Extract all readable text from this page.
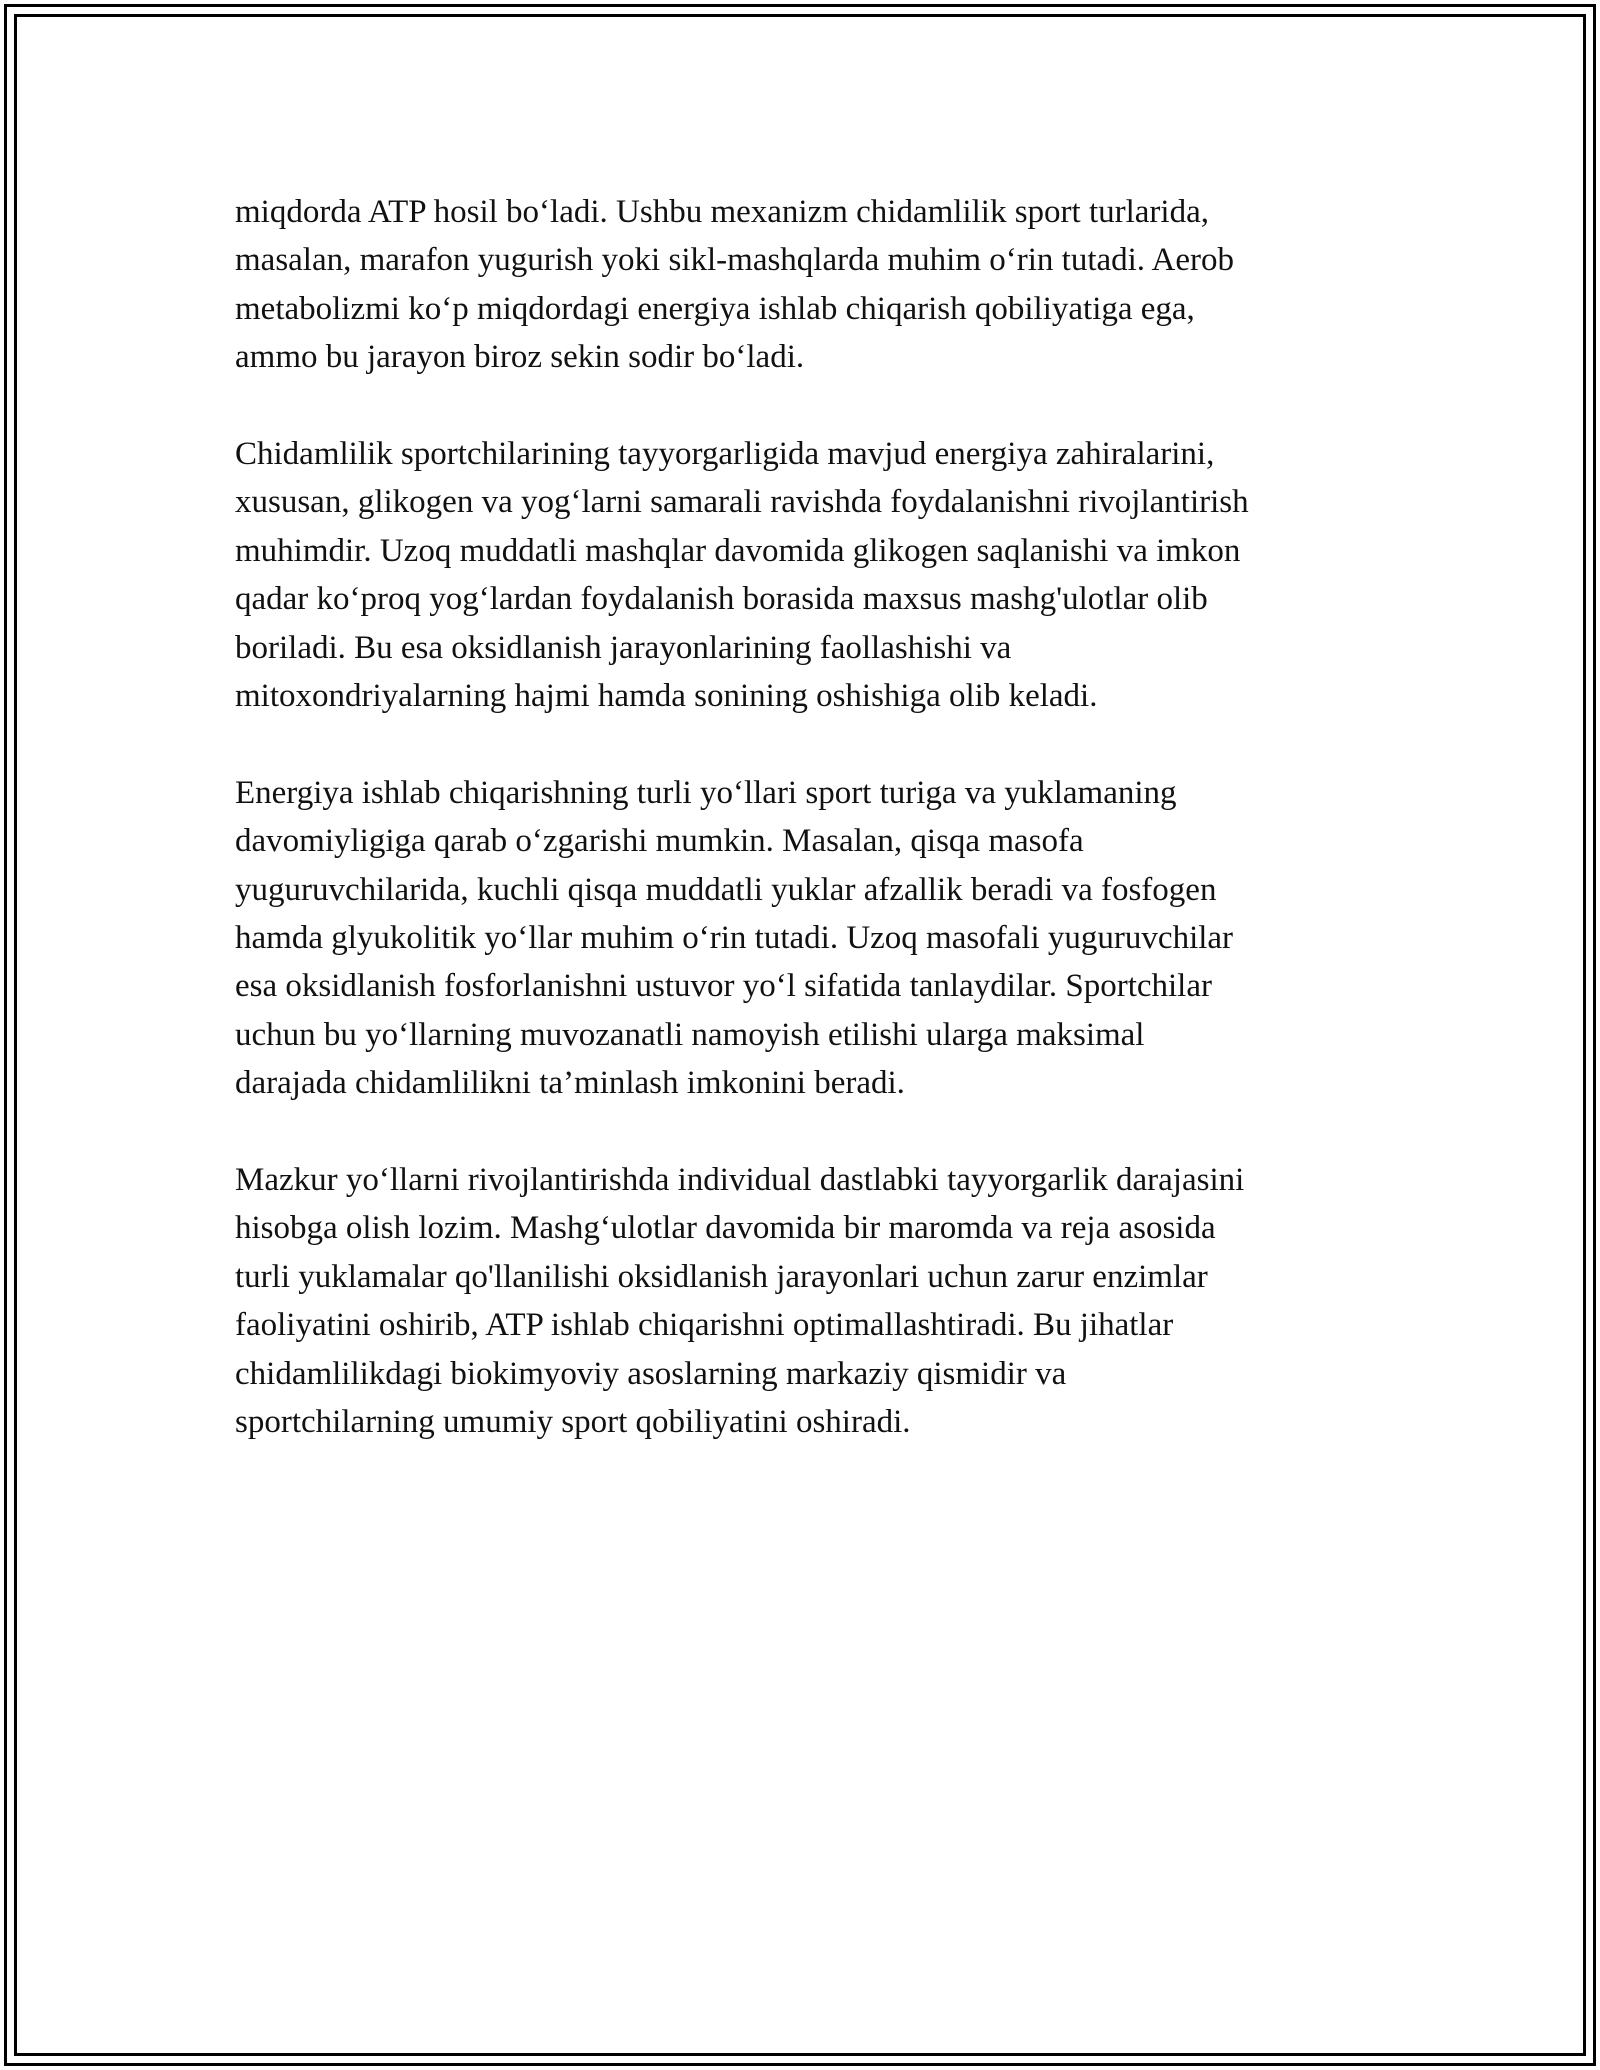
miqdorda ATP hosil bo‘ladi. Ushbu mexanizm chidamlilik sport turlarida,
masalan, marafon yugurish yoki sikl-mashqlarda muhim o‘rin tutadi. Aerob
metabolizmi ko‘p miqdordagi energiya ishlab chiqarish qobiliyatiga ega,
ammo bu jarayon biroz sekin sodir bo‘ladi.

Chidamlilik sportchilarining tayyorgarligida mavjud energiya zahiralarini,
xususan, glikogen va yog‘larni samarali ravishda foydalanishni rivojlantirish
muhimdir. Uzoq muddatli mashqlar davomida glikogen saqlanishi va imkon
qadar ko‘proq yog‘lardan foydalanish borasida maxsus mashg'ulotlar olib
boriladi. Bu esa oksidlanish jarayonlarining faollashishi va
mitoxondriyalarning hajmi hamda sonining oshishiga olib keladi.

Energiya ishlab chiqarishning turli yo‘llari sport turiga va yuklamaning
davomiyligiga qarab o‘zgarishi mumkin. Masalan, qisqa masofa
yuguruvchilarida, kuchli qisqa muddatli yuklar afzallik beradi va fosfogen
hamda glyukolitik yo‘llar muhim o‘rin tutadi. Uzoq masofali yuguruvchilar
esa oksidlanish fosforlanishni ustuvor yo‘l sifatida tanlaydilar. Sportchilar
uchun bu yo‘llarning muvozanatli namoyish etilishi ularga maksimal
darajada chidamlilikni ta’minlash imkonini beradi.

Mazkur yo‘llarni rivojlantirishda individual dastlabki tayyorgarlik darajasini
hisobga olish lozim. Mashg‘ulotlar davomida bir maromda va reja asosida
turli yuklamalar qo'llanilishi oksidlanish jarayonlari uchun zarur enzimlar
faoliyatini oshirib, ATP ishlab chiqarishni optimallashtiradi. Bu jihatlar
chidamlilikdagi biokimyoviy asoslarning markaziy qismidir va
sportchilarning umumiy sport qobiliyatini oshiradi.
